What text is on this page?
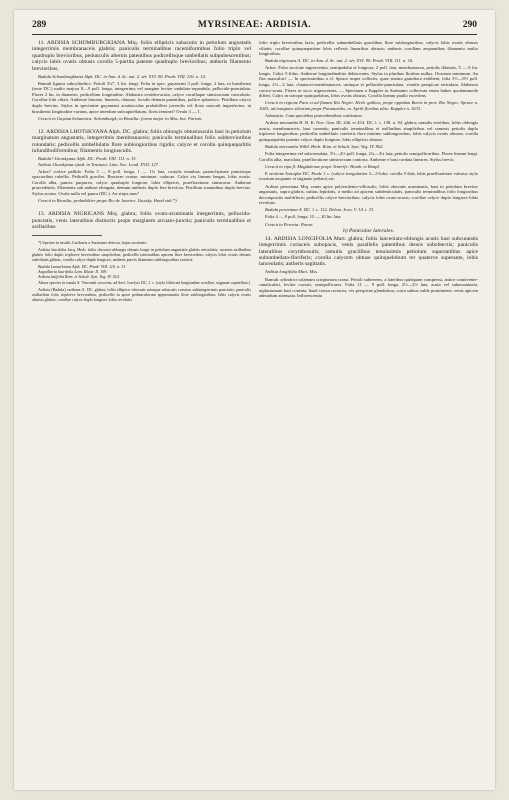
289	MYRSINEAE: ARDISIA.	290

11. ARDISIA SCHOMBURGKIANA Miq. foliis ellipticis subacutis in petiolum angustatis integerrimis membranaceis glabris; paniculis terminalibus racemiformibus folio triplo vel quadruplo brevioribus, pedunculis alternis patentibus podicellisque umbellatis subpubescentibus; calycis lobis ovatis obtusis corolla 5-partita patente quadruplo brevioribus; antheris filamento brevioribus.

Badula Schomburgkiana Alph. DC. in Ann. d. Sc. nat. 2. sér. XVI. 90. Prodr. VIII. 110. n. 14.

Ramuli lignosi subcylindrici. Petioli 3¼‴, 3 lin. longi. Folia in spec. guyanensi 3 poll. longa, 2 lata, in brasiliensi (teste DC.) multo majora 8—9 poll. longa, integerrima vel margine leviter undulato-repandula, pellucido-punctulata. Flores 2 lin. in diametro, pedicellum longitudine. Alabastra ovoidea-acuta, calyce cucullaque sinistrorsum convolutis. Corollae lobi ciliati. Antherae lanceae, lineares, obtusae, loculis demum patentibus, pollice sphaerico. Pistillum calyce duplo brevius. Stylus in specimine guyanensi acutiusculus probabiliter juvenilis vel floris masculi imperfectus; in brasiliensi longitudine varians, apice interdum subcapitellatum, floris feminei? Ovula 3 — 1.

Crescit in Guyana britannica: Schomburgk; in Brasilia: forma major in Mus. bot. Parisin.

12. ARDISIA LHOTSKYANA Alph. DC. glabra; foliis oblongis obtusiusculis basi in petiolum marginatum angustatis, integerrimis membranaceis; paniculis terminalibus folio subbrevioribus rotundatis; pedicellis umbellulatis flore sublongioribus rigidis; calyce et corolla quinquepartitis infundibuliformibus; filamentis longiusculis.

Badula? Lhotskyana Alph. DC. Prodr. VIII. 111. n. 15.

Ardisia Lhotskyana ejusd. in Transact. Linn. Soc. Lond. XVII. 127.

Arbor? cortice pallido. Folia 3 — 8 poll. longa, 1 — 1¾ lata, costulis tenuibus, parenchymate punctisque opacioribus rubellis. Pedicelli graciles. Bracteae ovatae, minimae, caducae. Calyx vix lineam longus, lobis ovatis. Corolla alba, puncta purpurea, calyce quadruplo longiore, lobis ellipticis, praefloratione sinistrorsa. Antherae praecedentis. Filamenta sub anthesi elongata, demum antheris duplo fere breviora. Pistillum staminibus duplo brevius. Stylus acutus. Ovula nulla vel pauca (DC.). An stirps mas?

Crescit in Brasilia, probabiliter prope Rio de Janeiro: Lhotsky. Hund vidi.*)

13. ARDISIA NIGRICANS Miq. glabra; foliis ovato-acuminatis integerrimis, pellucido-punctatis, venis lateralibus distinctis prope marginem arcuato-junctis; paniculis terminalibus et axillaribus

*) Species in insulis Caribaeis a Surinamo detecta, hujus sectionis:

Ardisia laurifolia Jacq. Herb. foliis obovato-oblongis obtusis longe in petiolum angustatis glabris reticulatis; racemis axillaribus glabris folio duplo triploeve brevioribus simplicibus, pedicellis internalibus apicem flore brevioribus; calycis lobis ovatis obtusis subciliatis glabris, corolla calyce duplo longiore, antheris parvis filamento sublongioribus exsertis.

Badula Lamarkiana Alph. DC. Prodr. VIII. 110. n. 13.

Anguillaria laurifolia Lam. Illustr. II. 109.

Ardisia latifolia Röm. et Schult. Syst. Veg. IV. 514.

Altera species in insula S. Vincentii crescens, ad Sect. Icaclyis DC. l. c. (stylo filiformi longitudine corollae, stigmate capitellato.)

Ardisia (Badula) caribaea A. DC. glabra; foliis elliptico-obovatis utrinque subacutis crassius subintegerrimis punctatis; paniculis axillaribus folio triploeve brevioribus, pedicellis in apice pedunculorum approximatis flore sublongioribus; lobis calycis ovatis obtusis glabris, corollae calyce duplo longiore lobis revolutis.

folio triplo brevioribus laxis, pedicellis subumbellatis gracilibus flore sublongioribus; calycis lobis ovatis obtusis ciliatis; corollae quinquepartitae lobis reflexis linearibus obtusis; antheris corollam aequantibus filamento multo longioribus.

Badula nigricans A. DC. in Ann. d. Sc. nat. 2. sér. XVI. 90. Prodr. VIII. 111. n. 16.

Arbor. Folia siccitate nigrescentia, semipedalia et longiora, 2 poll. lata, membranacea, petiolis dilatatis, 5 — 6 lin. longis. Calyx 5-fidus. Antherae longitudinaliter dehiscentes. Stylus in pluribus floribus nullus. Ovarium minimum. An flos masculus? — In speciminibus a cl. Spruce nuper collectis, quae statura grandiora exhibent, folia 5½—8½ poll. longa, 2½—3 lata, chartaceo-membranacea, utrinque et pellucido-punctulata, venulis perspicue reticulata. Alabastra conico-acuta. Flores in sicco nigrescentes. — Specimen a Kappler in Surinamo collectum etiam habeo quodammodo differt. Calyx in utroque quinquelobus, lobis ovatis obtusis. Corolla lineam paullo excedens.

Crescit in regione Para et ad flumen Rio Negro: Herb. gallica; prope oppidum Barra in prov. Rio Negro: Spruce n. 1043; ad margines silvarum prope Paramaribo, m. Aprili floribus ultis: Kappler n. 1633.

Adnotatio. Cum speciebus praecedentibus conferatur:

Ardisia micrantha H. B. K. Nov. Gen. III. 246. et 454. DC. l. c. 138. n. 94. glabra; ramulis teretibus; foliis oblongis acutis, membranaceis, basi cuneatis; paniculis terminalibus et axillaribus simplicibus vel ramosis petiolis duplo triploeve longioribus; pedicellis umbellatis confertis flore minimo sublongioribus, lobis calycis ovatis obtusis; corolla quinquepartita patente calyce duplo longiore, lobis ellipticis obtusis.

Badula micrantha Willd. Herb. Röm. et Schult. Syst. Veg. IV. 802.

Folia integerrima vel subcrenulata, 3½—4½ poll. longa, 2¼—3¼ lata; petiolis semipollicaribus. Flores lineam longi. Corolla alba, maculata, praefloratione sinistrorsum contorta. Antherae e basi cordata lineares. Stylus brevis.

Crescit in ripa fl. Magdalenae prope Tenerife: Humb. et Bonpl.

E sectione Astrophe DC. Prodr. l. c. (calyce irregulariter 3—5-lobo; corolla 5-fida, lobis praefloratione valvata; stylo ovarium aequante et stigmate peltato) est:

Ardisia peruviana Miq. ramis apice pulverulento-villosulis; foliis obovatis acuminatis, basi in petiolum breviter angustatis, supra glabris, subtus lepidotis, a medio ad apicem subdenticulatis, paniculis terminalibus folio longioribus decompositis multifloris; pedicellis calyce brevioribus; calycis lobis ovato-acutis; corollae calyce duplo longiore lobis revolutis.

Badula peruviana A. DC. l. c. 112. Deless. Icon. V. 14. t. 33.

Folia 4 — 8 poll. longa, 15 — 20 lin. lata.

Crescit in Peruvia: Pavon.

b) Paniculae laterales.

14. ARDISIA LONGIFOLIA Mart. glabra; foliis lanceolato-oblongis acutis basi subcuneatis integerrimis coriaceis subopacis, venis parallelis patentibus densis subobtectis; paniculis lateralibus corymbosulis; ramulis gracilibus tenuissimis petiolum superantibus apice subumbellato-floriferis; corolla calycem obtuse quinquelobum ter quaterve superante, lobis lanceolatis; antheris sagittatis.

Ardisia longifolia Mart. Mss.

Ramuli cylindrici calamum scriptorium crassi. Petioli subteretes, a lateribus quidquam compressi, antice connivente-canaliculati, leviter curvati, semipollicares. Folia 11 — 9 poll. longa, 2½—2½ lata, acuta vel subacuminata, utpluriumam basi coneata, haud crassa coriacea, vix perspicue glandulosa, costa subtus valde prominente, venis apicem admodum attenuata. Inflorescentia
